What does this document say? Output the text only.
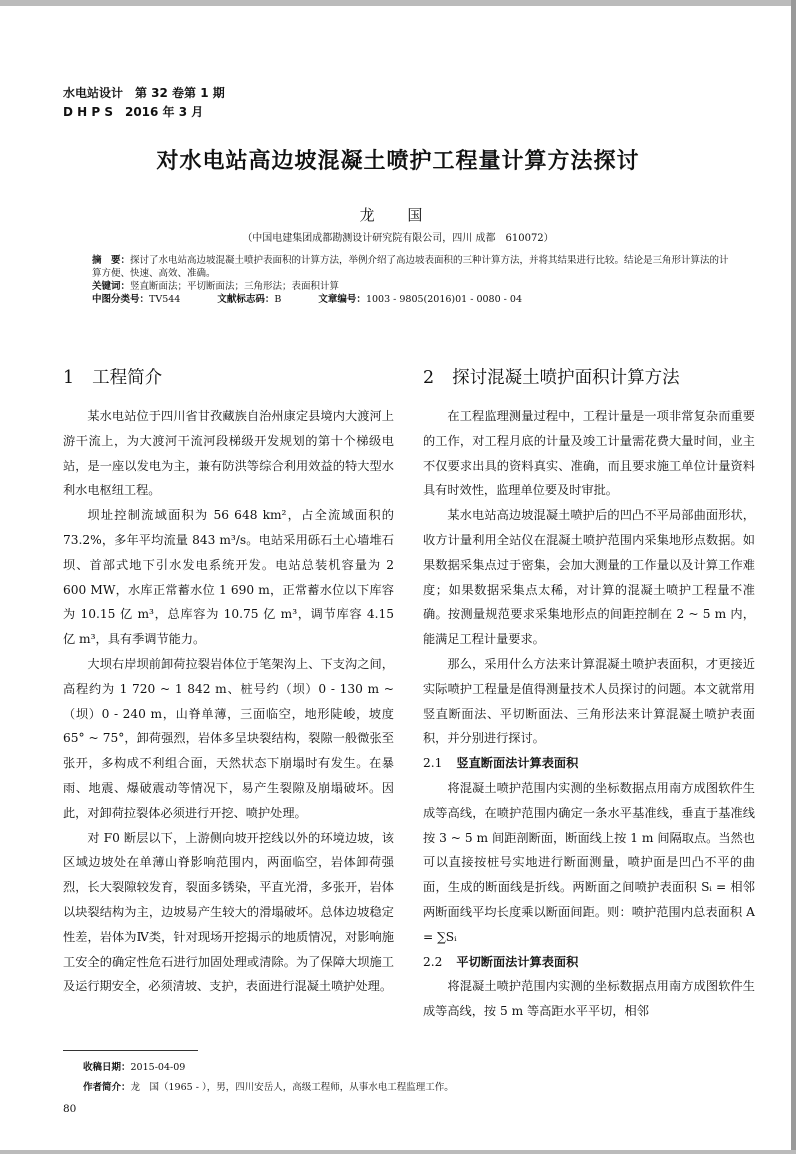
水电站设计　第 32 卷第 1 期
D H P S　2016 年 3 月
对水电站高边坡混凝土喷护工程量计算方法探讨
龙 国
（中国电建集团成都勘测设计研究院有限公司，四川 成都　610072）
摘　要：探讨了水电站高边坡混凝土喷护表面积的计算方法，举例介绍了高边坡表面积的三种计算方法，并将其结果进行比较。结论是三角形计算法的计算方便、快速、高效、准确。
关键词：竖直断面法；平切断面法；三角形法；表面积计算
中图分类号：TV544	文献标志码：B	文章编号：1003 - 9805(2016)01 - 0080 - 04
1 工程简介

某水电站位于四川省甘孜藏族自治州康定县境内大渡河上游干流上，为大渡河干流河段梯级开发规划的第十个梯级电站，是一座以发电为主，兼有防洪等综合利用效益的特大型水利水电枢纽工程。

坝址控制流域面积为 56 648 km²，占全流域面积的 73.2%，多年平均流量 843 m³/s。电站采用砾石土心墙堆石坝、首部式地下引水发电系统开发。电站总装机容量为 2 600 MW，水库正常蓄水位 1 690 m，正常蓄水位以下库容为 10.15 亿 m³，总库容为 10.75 亿 m³，调节库容 4.15 亿 m³，具有季调节能力。

大坝右岸坝前卸荷拉裂岩体位于笔架沟上、下支沟之间，高程约为 1 720 ~ 1 842 m、桩号约（坝）0 - 130 m ~（坝）0 - 240 m，山脊单薄，三面临空，地形陡峻，坡度 65° ~ 75°，卸荷强烈，岩体多呈块裂结构，裂隙一般微张至张开，多构成不利组合面，天然状态下崩塌时有发生。在暴雨、地震、爆破震动等情况下，易产生裂隙及崩塌破坏。因此，对卸荷拉裂体必须进行开挖、喷护处理。

对 F0 断层以下，上游侧向坡开挖线以外的环境边坡，该区域边坡处在单薄山脊影响范围内，两面临空，岩体卸荷强烈，长大裂隙较发育，裂面多锈染，平直光滑，多张开，岩体以块裂结构为主，边坡易产生较大的滑塌破坏。总体边坡稳定性差，岩体为Ⅳ类，针对现场开挖揭示的地质情况，对影响施工安全的确定性危石进行加固处理或清除。为了保障大坝施工及运行期安全，必须清坡、支护，表面进行混凝土喷护处理。

2 探讨混凝土喷护面积计算方法

在工程监理测量过程中，工程计量是一项非常复杂而重要的工作，对工程月底的计量及竣工计量需花费大量时间，业主不仅要求出具的资料真实、准确，而且要求施工单位计量资料具有时效性，监理单位要及时审批。

某水电站高边坡混凝土喷护后的凹凸不平局部曲面形状，收方计量利用全站仪在混凝土喷护范围内采集地形点数据。如果数据采集点过于密集，会加大测量的工作量以及计算工作难度；如果数据采集点太稀，对计算的混凝土喷护工程量不准确。按测量规范要求采集地形点的间距控制在 2 ~ 5 m 内，能满足工程计量要求。

那么，采用什么方法来计算混凝土喷护表面积，才更接近实际喷护工程量是值得测量技术人员探讨的问题。本文就常用竖直断面法、平切断面法、三角形法来计算混凝土喷护表面积，并分别进行探讨。

2.1 竖直断面法计算表面积

将混凝土喷护范围内实测的坐标数据点用南方成图软件生成等高线，在喷护范围内确定一条水平基准线，垂直于基准线按 3 ~ 5 m 间距剖断面，断面线上按 1 m 间隔取点。当然也可以直接按桩号实地进行断面测量，喷护面是凹凸不平的曲面，生成的断面线是折线。两断面之间喷护表面积 Sᵢ = 相邻两断面线平均长度乘以断面间距。则：喷护范围内总表面积 A = ∑Sᵢ

2.2 平切断面法计算表面积

将混凝土喷护范围内实测的坐标数据点用南方成图软件生成等高线，按 5 m 等高距水平平切，相邻

收稿日期：2015-04-09
作者简介：龙　国（1965 - ），男，四川安岳人，高级工程师，从事水电工程监理工作。
80
